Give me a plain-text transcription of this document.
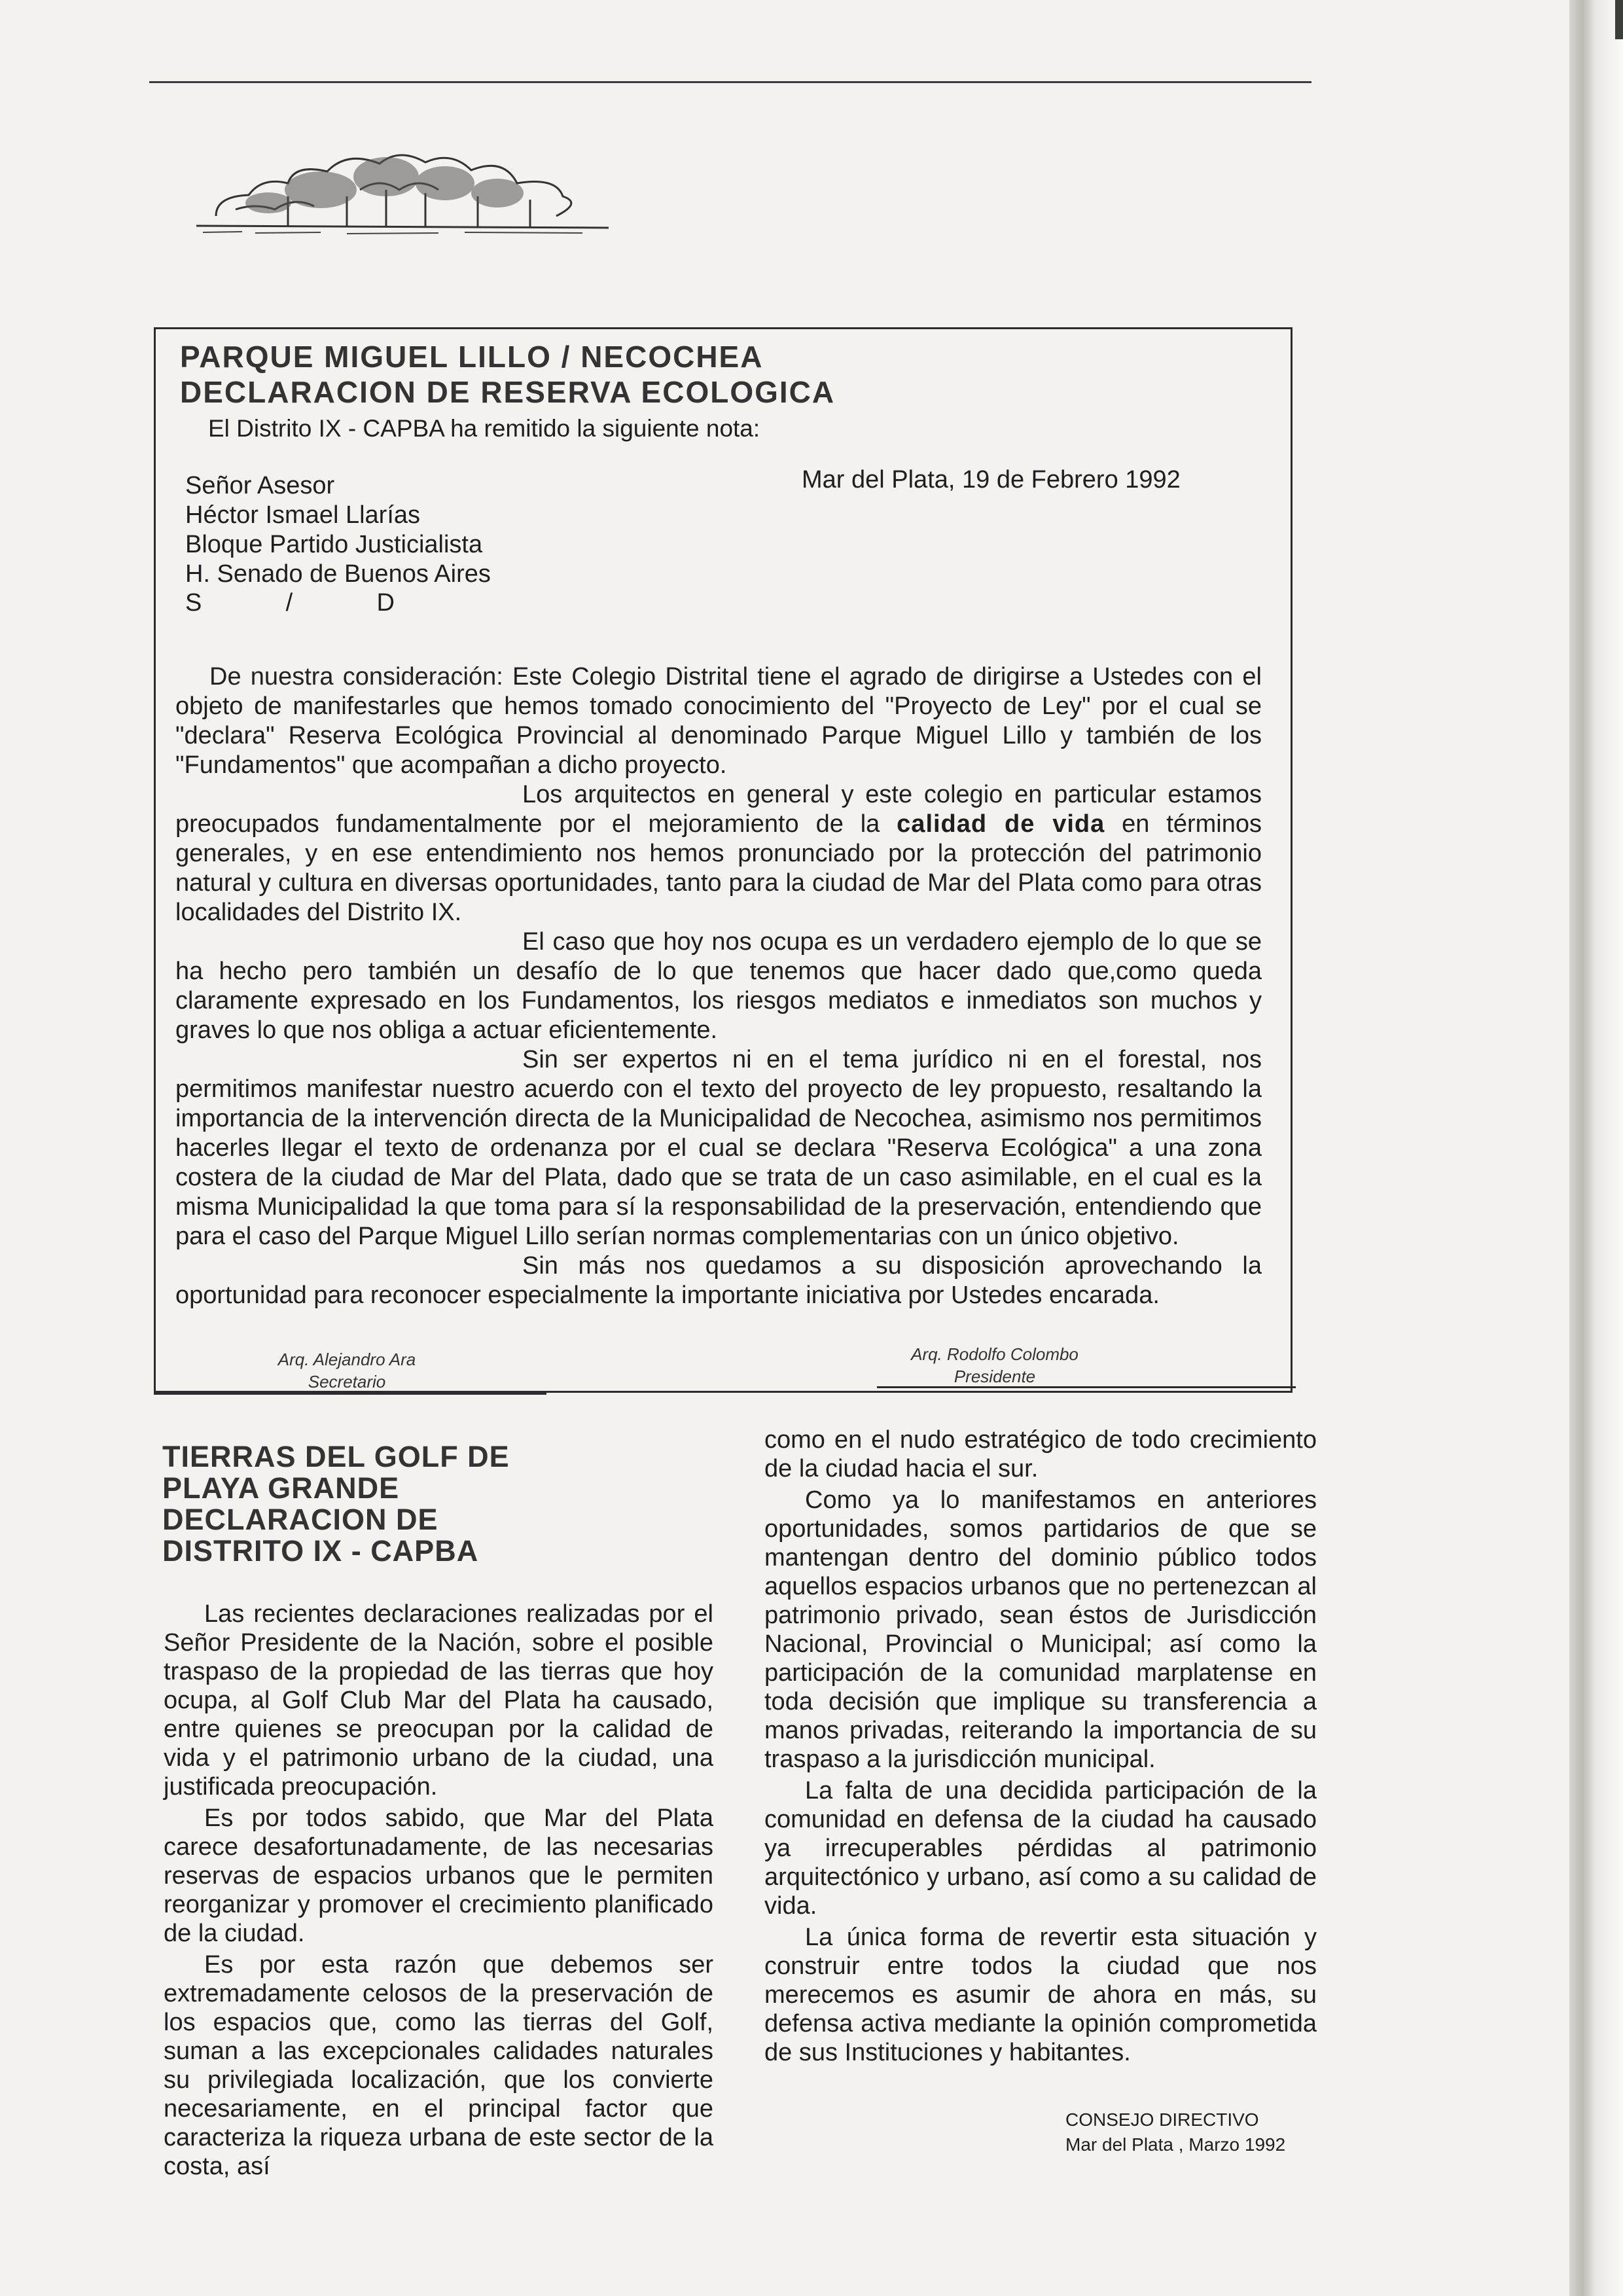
PARQUE MIGUEL LILLO / NECOCHEA
DECLARACION DE RESERVA ECOLOGICA
El Distrito IX - CAPBA ha remitido la siguiente nota:
Mar del Plata, 19 de Febrero 1992
Señor Asesor
Héctor Ismael Llarías
Bloque Partido Justicialista
H. Senado de Buenos Aires
S	/	D

De nuestra consideración: Este Colegio Distrital tiene el agrado de dirigirse a Ustedes con el objeto de manifestarles que hemos tomado conocimiento del "Proyecto de Ley" por el cual se "declara" Reserva Ecológica Provincial al denominado Parque Miguel Lillo y también de los "Fundamentos" que acompañan a dicho proyecto.

Los arquitectos en general y este colegio en particular estamos preocupados fundamentalmente por el mejoramiento de la calidad de vida en términos generales, y en ese entendimiento nos hemos pronunciado por la protección del patrimonio natural y cultura en diversas oportunidades, tanto para la ciudad de Mar del Plata como para otras localidades del Distrito IX.

El caso que hoy nos ocupa es un verdadero ejemplo de lo que se ha hecho pero también un desafío de lo que tenemos que hacer dado que,como queda claramente expresado en los Fundamentos, los riesgos mediatos e inmediatos son muchos y graves lo que nos obliga a actuar eficientemente.

Sin ser expertos ni en el tema jurídico ni en el forestal, nos permitimos manifestar nuestro acuerdo con el texto del proyecto de ley propuesto, resaltando la importancia de la intervención directa de la Municipalidad de Necochea, asimismo nos permitimos hacerles llegar el texto de ordenanza por el cual se declara "Reserva Ecológica" a una zona costera de la ciudad de Mar del Plata, dado que se trata de un caso asimilable, en el cual es la misma Municipalidad la que toma para sí la responsabilidad de la preservación, entendiendo que para el caso del Parque Miguel Lillo serían normas complementarias con un único objetivo.

Sin más nos quedamos a su disposición aprovechando la oportunidad para reconocer especialmente la importante iniciativa por Ustedes encarada.

Arq. Alejandro Ara
Secretario
Arq. Rodolfo Colombo
Presidente
TIERRAS DEL GOLF DE
PLAYA GRANDE
DECLARACION DE
DISTRITO IX - CAPBA

Las recientes declaraciones realizadas por el Señor Presidente de la Nación, sobre el posible traspaso de la propiedad de las tierras que hoy ocupa, al Golf Club Mar del Plata ha causado, entre quienes se preocupan por la calidad de vida y el patrimonio urbano de la ciudad, una justificada preocupación.

Es por todos sabido, que Mar del Plata carece desafortunadamente, de las necesarias reservas de espacios urbanos que le permiten reorganizar y promover el crecimiento planificado de la ciudad.

Es por esta razón que debemos ser extremadamente celosos de la preservación de los espacios que, como las tierras del Golf, suman a las excepcionales calidades naturales su privilegiada localización, que los convierte necesariamente, en el principal factor que caracteriza la riqueza urbana de este sector de la costa, así

como en el nudo estratégico de todo crecimiento de la ciudad hacia el sur.

Como ya lo manifestamos en anteriores oportunidades, somos partidarios de que se mantengan dentro del dominio público todos aquellos espacios urbanos que no pertenezcan al patrimonio privado, sean éstos de Jurisdicción Nacional, Provincial o Municipal; así como la participación de la comunidad marplatense en toda decisión que implique su transferencia a manos privadas, reiterando la importancia de su traspaso a la jurisdicción municipal.

La falta de una decidida participación de la comunidad en defensa de la ciudad ha causado ya irrecuperables pérdidas al patrimonio arquitectónico y urbano, así como a su calidad de vida.

La única forma de revertir esta situación y construir entre todos la ciudad que nos merecemos es asumir de ahora en más, su defensa activa mediante la opinión comprometida de sus Instituciones y habitantes.

CONSEJO DIRECTIVO
Mar del Plata , Marzo 1992
